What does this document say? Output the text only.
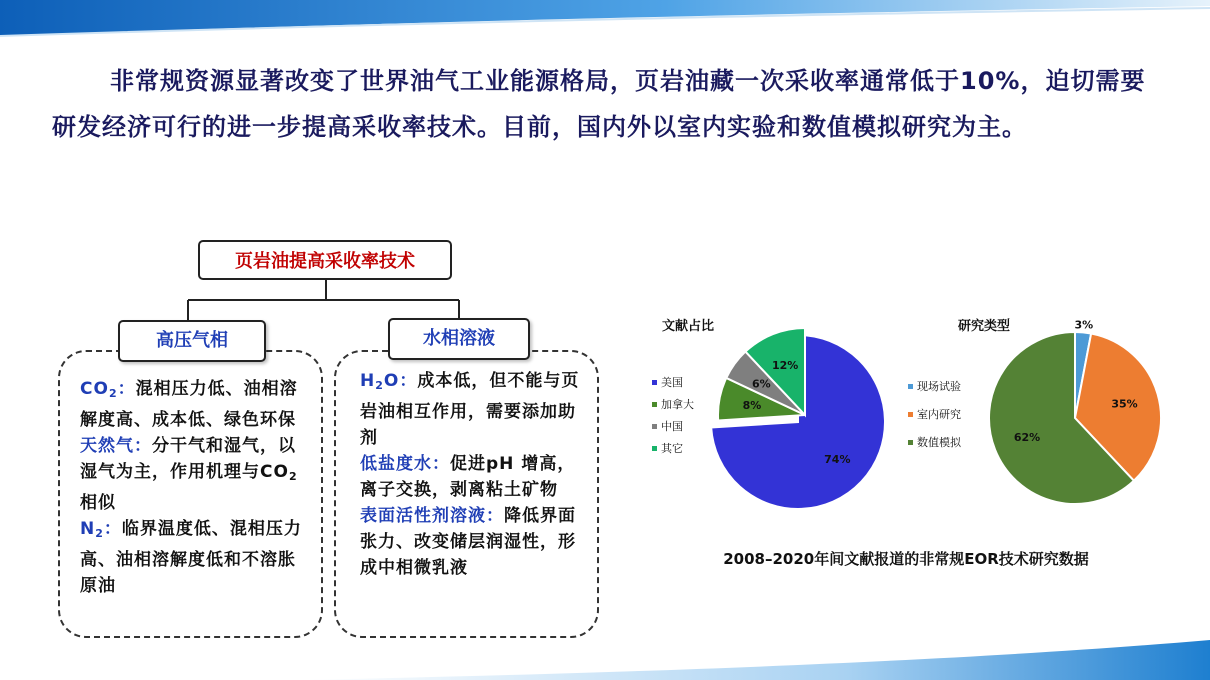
非常规资源显著改变了世界油气工业能源格局，页岩油藏一次采收率通常低于10%，迫切需要研发经济可行的进一步提高采收率技术。目前，国内外以室内实验和数值模拟研究为主。
页岩油提高采收率技术
高压气相	水相溶液
$CO_2$：混相压力低、油相溶解度高、成本低、绿色环保
天然气：分干气和湿气，以湿气为主，作用机理与$CO_2$相似
$N_2$：临界温度低、混相压力高、油相溶解度低和不溶胀原油
$H_2O$：成本低，但不能与页岩油相互作用，需要添加助剂
低盐度水：促进pH 增高，离子交换，剥离粘土矿物
表面活性剂溶液：降低界面张力、改变储层润湿性，形成中相微乳液
74%
8%
6%
12%
文献占比
美国
加拿大
中国
其它
3%
35%
62%
研究类型
现场试验
室内研究
数值模拟
2008–2020年间文献报道的非常规EOR技术研究数据
